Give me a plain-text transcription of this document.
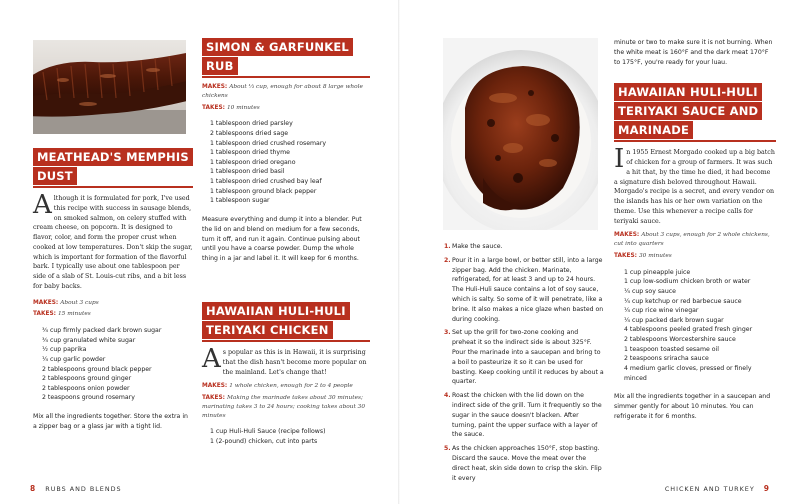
MEATHEAD'S MEMPHIS
DUST
Although it is formulated for pork, I've used this recipe with success in sausage blends, on smoked salmon, on celery stuffed with cream cheese, on popcorn. It is designed to flavor, color, and form the proper crust when cooked at low temperatures. Don't skip the sugar, which is important for formation of the flavorful bark. I typically use about one tablespoon per side of a slab of St. Louis-cut ribs, and a bit less for baby backs.
MAKES: About 3 cups
TAKES: 15 minutes
¾ cup firmly packed dark brown sugar
¾ cup granulated white sugar
½ cup paprika
¼ cup garlic powder
2 tablespoons ground black pepper
2 tablespoons ground ginger
2 tablespoons onion powder
2 teaspoons ground rosemary
Mix all the ingredients together. Store the extra in a zipper bag or a glass jar with a tight lid.
SIMON & GARFUNKEL
RUB
MAKES: About ¹⁄₃ cup, enough for about 8 large whole chickens
TAKES: 10 minutes
1 tablespoon dried parsley
2 tablespoons dried sage
1 tablespoon dried crushed rosemary
1 tablespoon dried thyme
1 tablespoon dried oregano
1 tablespoon dried basil
1 tablespoon dried crushed bay leaf
1 tablespoon ground black pepper
1 tablespoon sugar
Measure everything and dump it into a blender. Put the lid on and blend on medium for a few seconds, turn it off, and run it again. Continue pulsing about until you have a coarse powder. Dump the whole thing in a jar and label it. It will keep for 6 months.
HAWAIIAN HULI-HULI
TERIYAKI CHICKEN
As popular as this is in Hawaii, it is surprising that the dish hasn't become more popular on the mainland. Let's change that!
MAKES: 1 whole chicken, enough for 2 to 4 people
TAKES: Making the marinade takes about 30 minutes; marinating takes 3 to 24 hours; cooking takes about 30 minutes
1 cup Huli-Huli Sauce (recipe follows)
1 (2-pound) chicken, cut into parts
8 RUBS AND BLENDS
1. Make the sauce.
2. Pour it in a large bowl, or better still, into a large zipper bag. Add the chicken. Marinate, refrigerated, for at least 3 and up to 24 hours. The Huli-Huli sauce contains a lot of soy sauce, which is salty. So some of it will penetrate, like a brine. It also makes a nice glaze when basted on during cooking.
3. Set up the grill for two-zone cooking and preheat it so the indirect side is about 325°F. Pour the marinade into a saucepan and bring to a boil to pasteurize it so it can be used for basting. Keep cooking until it reduces by about a quarter.
4. Roast the chicken with the lid down on the indirect side of the grill. Turn it frequently so the sugar in the sauce doesn't blacken. After turning, paint the upper surface with a layer of the sauce.
5. As the chicken approaches 150°F, stop basting. Discard the sauce. Move the meat over the direct heat, skin side down to crisp the skin. Flip it every
minute or two to make sure it is not burning. When the white meat is 160°F and the dark meat 170°F to 175°F, you're ready for your luau.
HAWAIIAN HULI-HULI
TERIYAKI SAUCE AND
MARINADE
In 1955 Ernest Morgado cooked up a big batch of chicken for a group of farmers. It was such a hit that, by the time he died, it had become a signature dish beloved throughout Hawaii. Morgado's recipe is a secret, and every vendor on the islands has his or her own variation on the theme. Use this whenever a recipe calls for teriyaki sauce.
MAKES: About 3 cups, enough for 2 whole chickens, cut into quarters
TAKES: 30 minutes
1 cup pineapple juice
1 cup low-sodium chicken broth or water
¼ cup soy sauce
¼ cup ketchup or red barbecue sauce
¼ cup rice wine vinegar
¼ cup packed dark brown sugar
4 tablespoons peeled grated fresh ginger
2 tablespoons Worcestershire sauce
1 teaspoon toasted sesame oil
2 teaspoons sriracha sauce
4 medium garlic cloves, pressed or finely minced
Mix all the ingredients together in a saucepan and simmer gently for about 10 minutes. You can refrigerate it for 6 months.
CHICKEN AND TURKEY 9
